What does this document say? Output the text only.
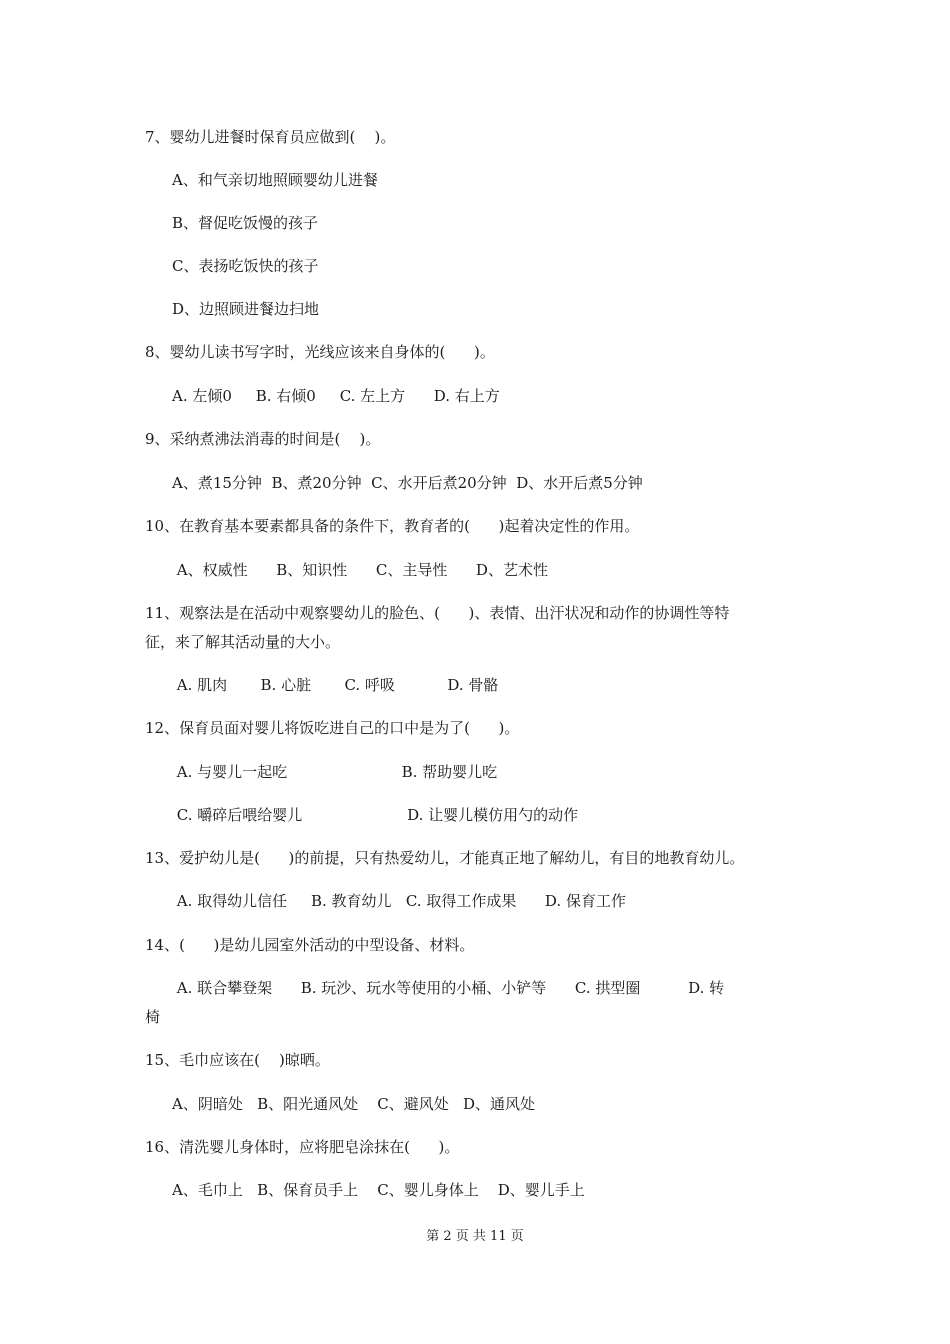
7、婴幼儿进餐时保育员应做到(    )。
A、和气亲切地照顾婴幼儿进餐
B、督促吃饭慢的孩子
C、表扬吃饭快的孩子
D、边照顾进餐边扫地
8、婴幼儿读书写字时，光线应该来自身体的(      )。
A. 左倾0     B. 右倾0     C. 左上方      D. 右上方
9、采纳煮沸法消毒的时间是(    )。
A、煮15分钟  B、煮20分钟  C、水开后煮20分钟  D、水开后煮5分钟
10、在教育基本要素都具备的条件下，教育者的(      )起着决定性的作用。
A、权威性      B、知识性      C、主导性      D、艺术性
11、观察法是在活动中观察婴幼儿的脸色、(      )、表情、出汗状况和动作的协调性等特
征，来了解其活动量的大小。
A. 肌肉       B. 心脏       C. 呼吸           D. 骨骼
12、保育员面对婴儿将饭吃进自己的口中是为了(      )。
A. 与婴儿一起吃                        B. 帮助婴儿吃
C. 嚼碎后喂给婴儿                      D. 让婴儿模仿用勺的动作
13、爱护幼儿是(      )的前提，只有热爱幼儿，才能真正地了解幼儿，有目的地教育幼儿。
A. 取得幼儿信任     B. 教育幼儿   C. 取得工作成果      D. 保育工作
14、(      )是幼儿园室外活动的中型设备、材料。
A. 联合攀登架      B. 玩沙、玩水等使用的小桶、小铲等      C. 拱型圈          D. 转
椅
15、毛巾应该在(    )晾晒。
A、阴暗处   B、阳光通风处    C、避风处   D、通风处
16、清洗婴儿身体时，应将肥皂涂抹在(      )。
A、毛巾上   B、保育员手上    C、婴儿身体上    D、婴儿手上
第 2 页 共 11 页
